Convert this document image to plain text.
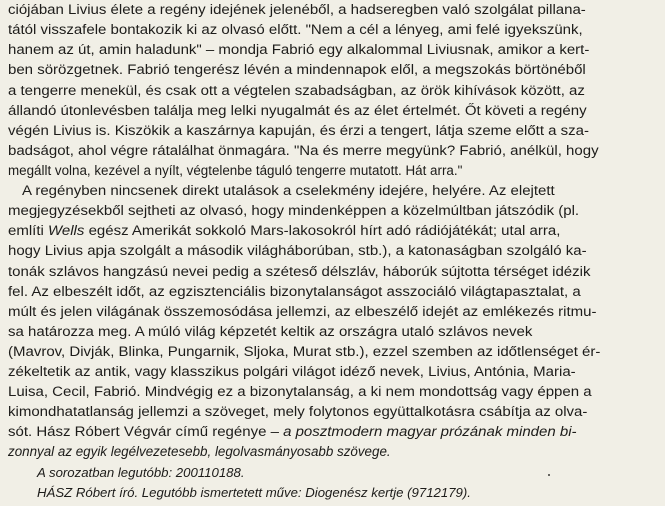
ciójában Livius élete a regény idejének jelenéből, a hadseregben való szolgálat pillana-
tától visszafele bontakozik ki az olvasó előtt. "Nem a cél a lényeg, ami felé igyekszünk,
hanem az út, amin haladunk" – mondja Fabrió egy alkalommal Liviusnak, amikor a kert-
ben sörözgetnek. Fabrió tengerész lévén a mindennapok elől, a megszokás börtönéből
a tengerre menekül, és csak ott a végtelen szabadságban, az örök kihívások között, az
állandó útonlevésben találja meg lelki nyugalmát és az élet értelmét. Őt követi a regény
végén Livius is. Kiszökik a kaszárnya kapuján, és érzi a tengert, látja szeme előtt a sza-
badságot, ahol végre rátalálhat önmagára. "Na és merre megyünk? Fabrió, anélkül, hogy
megállt volna, kezével a nyílt, végtelenbe táguló tengerre mutatott. Hát arra."
A regényben nincsenek direkt utalások a cselekmény idejére, helyére. Az elejtett
megjegyzésekből sejtheti az olvasó, hogy mindenképpen a közelmúltban játszódik (pl.
említi Wells egész Amerikát sokkoló Mars-lakosokról hírt adó rádiójátékát; utal arra,
hogy Livius apja szolgált a második világháborúban, stb.), a katonaságban szolgáló ka-
tonák szlávos hangzású nevei pedig a széteső délszláv, háborúk sújtotta térséget idézik
fel. Az elbeszélt időt, az egzisztenciális bizonytalanságot asszociáló világtapasztalat, a
múlt és jelen világának összemosódása jellemzi, az elbeszélő idejét az emlékezés ritmu-
sa határozza meg. A múló világ képzetét keltik az országra utaló szlávos nevek
(Mavrov, Divják, Blinka, Pungarnik, Sljoka, Murat stb.), ezzel szemben az időtlenséget ér-
zékeltetik az antik, vagy klasszikus polgári világot idéző nevek, Livius, Antónia, Maria-
Luisa, Cecil, Fabrió. Mindvégig ez a bizonytalanság, a ki nem mondottság vagy éppen a
kimondhatatlanság jellemzi a szöveget, mely folytonos együttalkotásra csábítja az olva-
sót. Hász Róbert Végvár című regénye – a posztmodern magyar prózának minden bi-
zonnyal az egyik legélvezetesebb, legolvasmányosabb szövege.
A sorozatban legutóbb: 200110188.
HÁSZ Róbert író. Legutóbb ismertetett műve: Diogenész kertje (9712179).
